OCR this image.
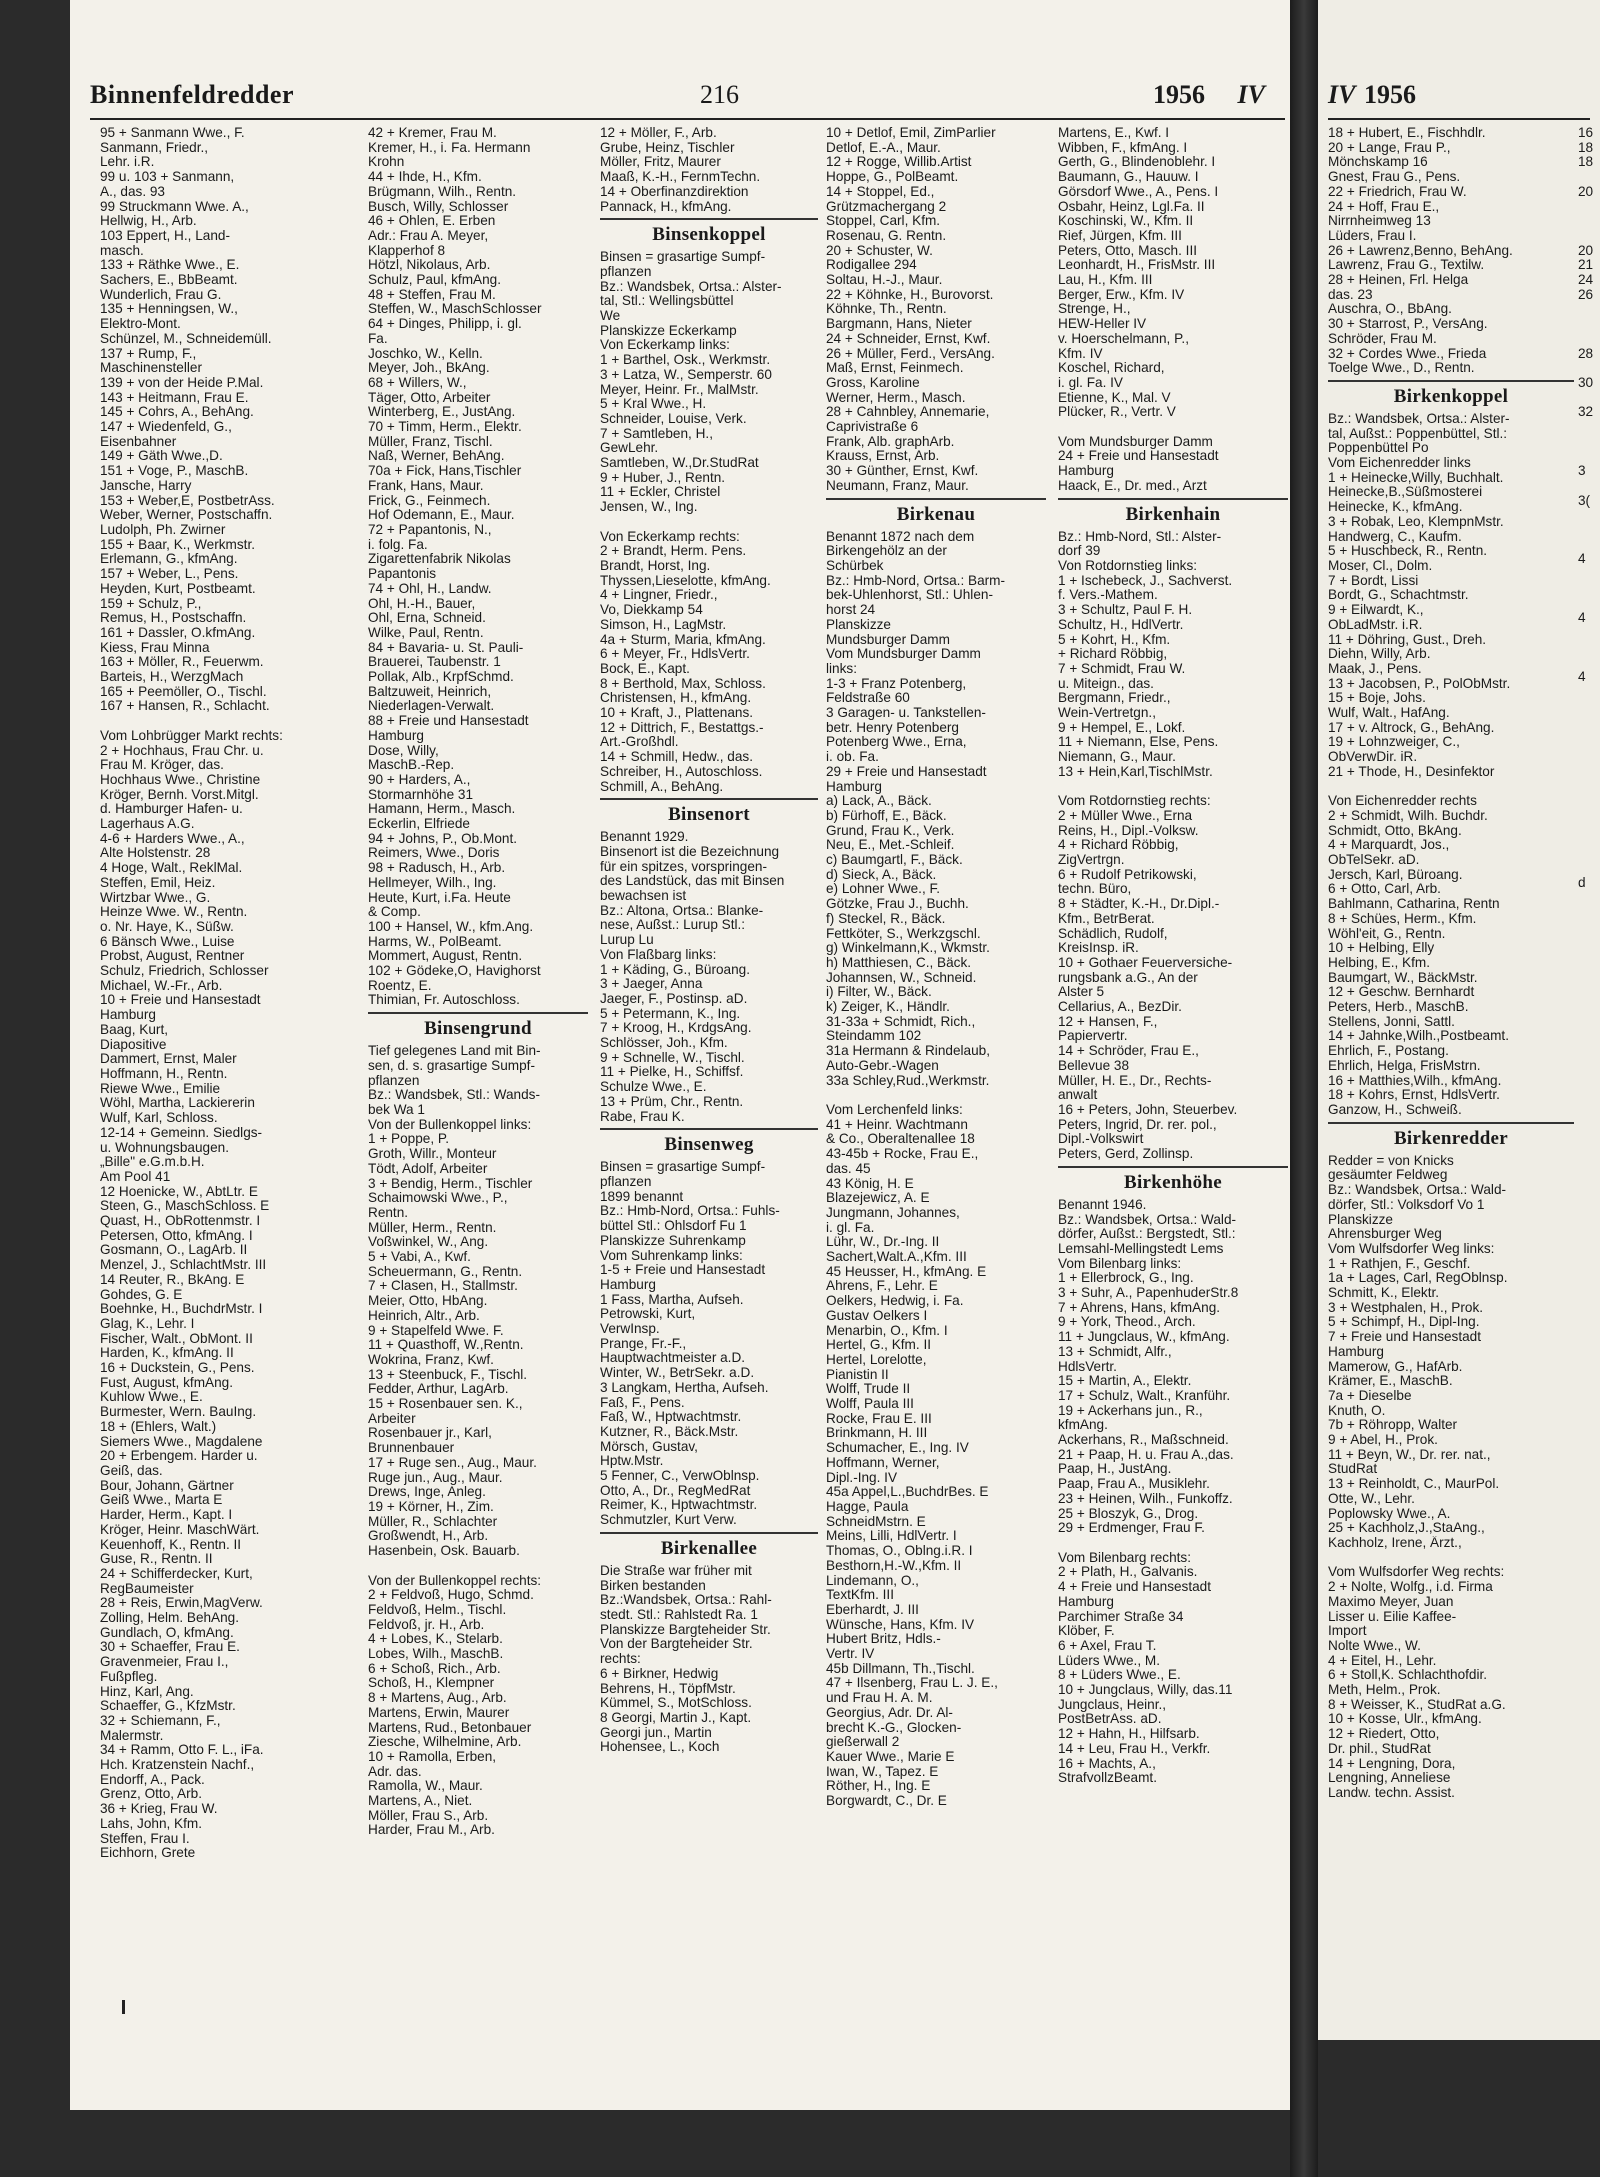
Binnenfeldredder	216	1956 IV IV 1956
95 + Sanmann Wwe., F.
Sanmann, Friedr.,
Lehr. i.R.
99 u. 103 + Sanmann,
A., das. 93
99 Struckmann Wwe. A.,
Hellwig, H., Arb.
103 Eppert, H., Land-
masch.
133 + Räthke Wwe., E.
Sachers, E., BbBeamt.
Wunderlich, Frau G.
135 + Henningsen, W.,
Elektro-Mont.
Schünzel, M., Schneidemüll.
137 + Rump, F.,
Maschinensteller
139 + von der Heide P.Mal.
143 + Heitmann, Frau E.
145 + Cohrs, A., BehAng.
147 + Wiedenfeld, G.,
Eisenbahner
149 + Gäth Wwe.,D.
151 + Voge, P., MaschB.
Jansche, Harry
153 + Weber,E, PostbetrAss.
Weber, Werner, Postschaffn.
Ludolph, Ph. Zwirner
155 + Baar, K., Werkmstr.
Erlemann, G., kfmAng.
157 + Weber, L., Pens.
Heyden, Kurt, Postbeamt.
159 + Schulz, P.,
Remus, H., Postschaffn.
161 + Dassler, O.kfmAng.
Kiess, Frau Minna
163 + Möller, R., Feuerwm.
Barteis, H., WerzgMach
165 + Peemöller, O., Tischl.
167 + Hansen, R., Schlacht.

Vom Lohbrügger Markt rechts:
2 + Hochhaus, Frau Chr. u.
Frau M. Kröger, das.
Hochhaus Wwe., Christine
Kröger, Bernh. Vorst.Mitgl.
d. Hamburger Hafen- u.
Lagerhaus A.G.
4-6 + Harders Wwe., A.,
Alte Holstenstr. 28
4 Hoge, Walt., ReklMal.
Steffen, Emil, Heiz.
Wirtzbar Wwe., G.
Heinze Wwe. W., Rentn.
o. Nr. Haye, K., Süßw.
6 Bänsch Wwe., Luise
Probst, August, Rentner
Schulz, Friedrich, Schlosser
Michael, W.-Fr., Arb.
10 + Freie und Hansestadt
Hamburg
Baag, Kurt,
Diapositive
Dammert, Ernst, Maler
Hoffmann, H., Rentn.
Riewe Wwe., Emilie
Wöhl, Martha, Lackiererin
Wulf, Karl, Schloss.
12-14 + Gemeinn. Siedlgs-
u. Wohnungsbaugen.
„Bille" e.G.m.b.H.
Am Pool 41
12 Hoenicke, W., AbtLtr. E
Steen, G., MaschSchloss. E
Quast, H., ObRottenmstr. I
Petersen, Otto, kfmAng. I
Gosmann, O., LagArb. II
Menzel, J., SchlachtMstr. III
14 Reuter, R., BkAng. E
Gohdes, G. E
Boehnke, H., BuchdrMstr. I
Glag, K., Lehr. I
Fischer, Walt., ObMont. II
Harden, K., kfmAng. II
16 + Duckstein, G., Pens.
Fust, August, kfmAng.
Kuhlow Wwe., E.
Burmester, Wern. BauIng.
18 + (Ehlers, Walt.)
Siemers Wwe., Magdalene
20 + Erbengem. Harder u.
Geiß, das.
Bour, Johann, Gärtner
Geiß Wwe., Marta E
Harder, Herm., Kapt. I
Kröger, Heinr. MaschWärt.
Keuenhoff, K., Rentn. II
Guse, R., Rentn. II
24 + Schifferdecker, Kurt,
RegBaumeister
28 + Reis, Erwin,MagVerw.
Zolling, Helm. BehAng.
Gundlach, O, kfmAng.
30 + Schaeffer, Frau E.
Gravenmeier, Frau I.,
Fußpfleg.
Hinz, Karl, Ang.
Schaeffer, G., KfzMstr.
32 + Schiemann, F.,
Malermstr.
34 + Ramm, Otto F. L., iFa.
Hch. Kratzenstein Nachf.,
Endorff, A., Pack.
Grenz, Otto, Arb.
36 + Krieg, Frau W.
Lahs, John, Kfm.
Steffen, Frau I.
Eichhorn, Grete
42 + Kremer, Frau M.
Kremer, H., i. Fa. Hermann
Krohn
44 + Ihde, H., Kfm.
Brügmann, Wilh., Rentn.
Busch, Willy, Schlosser
46 + Ohlen, E. Erben
Adr.: Frau A. Meyer,
Klapperhof 8
Hötzl, Nikolaus, Arb.
Schulz, Paul, kfmAng.
48 + Steffen, Frau M.
Steffen, W., MaschSchlosser
64 + Dinges, Philipp, i. gl.
Fa.
Joschko, W., Kelln.
Meyer, Joh., BkAng.
68 + Willers, W.,
Täger, Otto, Arbeiter
Winterberg, E., JustAng.
70 + Timm, Herm., Elektr.
Müller, Franz, Tischl.
Naß, Werner, BehAng.
70a + Fick, Hans,Tischler
Frank, Hans, Maur.
Frick, G., Feinmech.
Hof Odemann, E., Maur.
72 + Papantonis, N.,
i. folg. Fa.
Zigarettenfabrik Nikolas
Papantonis
74 + Ohl, H., Landw.
Ohl, H.-H., Bauer,
Ohl, Erna, Schneid.
Wilke, Paul, Rentn.
84 + Bavaria- u. St. Pauli-
Brauerei, Taubenstr. 1
Pollak, Alb., KrpfSchmd.
Baltzuweit, Heinrich,
Niederlagen-Verwalt.
88 + Freie und Hansestadt
Hamburg
Dose, Willy,
MaschB.-Rep.
90 + Harders, A.,
Stormarnhöhe 31
Hamann, Herm., Masch.
Eckerlin, Elfriede
94 + Johns, P., Ob.Mont.
Reimers, Wwe., Doris
98 + Radusch, H., Arb.
Hellmeyer, Wilh., Ing.
Heute, Kurt, i.Fa. Heute
& Comp.
100 + Hansel, W., kfm.Ang.
Harms, W., PolBeamt.
Mommert, August, Rentn.
102 + Gödeke,O, Havighorst
Roentz, E.
Thimian, Fr. Autoschloss.
Binsengrund
Tief gelegenes Land mit Bin-
sen, d. s. grasartige Sumpf-
pflanzen
Bz.: Wandsbek, Stl.: Wands-
bek Wa 1
Von der Bullenkoppel links:
1 + Poppe, P.
Groth, Willr., Monteur
Tödt, Adolf, Arbeiter
3 + Bendig, Herm., Tischler
Schaimowski Wwe., P.,
Rentn.
Müller, Herm., Rentn.
Voßwinkel, W., Ang.
5 + Vabi, A., Kwf.
Scheuermann, G., Rentn.
7 + Clasen, H., Stallmstr.
Meier, Otto, HbAng.
Heinrich, Altr., Arb.
9 + Stapelfeld Wwe. F.
11 + Quasthoff, W.,Rentn.
Wokrina, Franz, Kwf.
13 + Steenbuck, F., Tischl.
Fedder, Arthur, LagArb.
15 + Rosenbauer sen. K.,
Arbeiter
Rosenbauer jr., Karl,
Brunnenbauer
17 + Ruge sen., Aug., Maur.
Ruge jun., Aug., Maur.
Drews, Inge, Anleg.
19 + Körner, H., Zim.
Müller, R., Schlachter
Großwendt, H., Arb.
Hasenbein, Osk. Bauarb.

Von der Bullenkoppel rechts:
2 + Feldvoß, Hugo, Schmd.
Feldvoß, Helm., Tischl.
Feldvoß, jr. H., Arb.
4 + Lobes, K., Stelarb.
Lobes, Wilh., MaschB.
6 + Schoß, Rich., Arb.
Schoß, H., Klempner
8 + Martens, Aug., Arb.
Martens, Erwin, Maurer
Martens, Rud., Betonbauer
Ziesche, Wilhelmine, Arb.
10 + Ramolla, Erben,
Adr. das.
Ramolla, W., Maur.
Martens, A., Niet.
Möller, Frau S., Arb.
Harder, Frau M., Arb.
12 + Möller, F., Arb.
Grube, Heinz, Tischler
Möller, Fritz, Maurer
Maaß, K.-H., FernmTechn.
14 + Oberfinanzdirektion
Pannack, H., kfmAng.
Binsenkoppel
Binsen = grasartige Sumpf-
pflanzen
Bz.: Wandsbek, Ortsa.: Alster-
tal, Stl.: Wellingsbüttel
We
Planskizze Eckerkamp
Von Eckerkamp links:
1 + Barthel, Osk., Werkmstr.
3 + Latza, W., Semperstr. 60
Meyer, Heinr. Fr., MalMstr.
5 + Kral Wwe., H.
Schneider, Louise, Verk.
7 + Samtleben, H.,
GewLehr.
Samtleben, W.,Dr.StudRat
9 + Huber, J., Rentn.
11 + Eckler, Christel
Jensen, W., Ing.

Von Eckerkamp rechts:
2 + Brandt, Herm. Pens.
Brandt, Horst, Ing.
Thyssen,Lieselotte, kfmAng.
4 + Lingner, Friedr.,
Vo, Diekkamp 54
Simson, H., LagMstr.
4a + Sturm, Maria, kfmAng.
6 + Meyer, Fr., HdlsVertr.
Bock, E., Kapt.
8 + Berthold, Max, Schloss.
Christensen, H., kfmAng.
10 + Kraft, J., Plattenans.
12 + Dittrich, F., Bestattgs.-
Art.-Großhdl.
14 + Schmill, Hedw., das.
Schreiber, H., Autoschloss.
Schmill, A., BehAng.
Binsenort
Benannt 1929.
Binsenort ist die Bezeichnung
für ein spitzes, vorspringen-
des Landstück, das mit Binsen
bewachsen ist
Bz.: Altona, Ortsa.: Blanke-
nese, Außst.: Lurup Stl.:
Lurup Lu
Von Flaßbarg links:
1 + Käding, G., Büroang.
3 + Jaeger, Anna
Jaeger, F., Postinsp. aD.
5 + Petermann, K., Ing.
7 + Kroog, H., KrdgsAng.
Schlösser, Joh., Kfm.
9 + Schnelle, W., Tischl.
11 + Pielke, H., Schiffsf.
Schulze Wwe., E.
13 + Prüm, Chr., Rentn.
Rabe, Frau K.
Binsenweg
Binsen = grasartige Sumpf-
pflanzen
1899 benannt
Bz.: Hmb-Nord, Ortsa.: Fuhls-
büttel Stl.: Ohlsdorf Fu 1
Planskizze Suhrenkamp
Vom Suhrenkamp links:
1-5 + Freie und Hansestadt
Hamburg
1 Fass, Martha, Aufseh.
Petrowski, Kurt,
VerwInsp.
Prange, Fr.-F.,
Hauptwachtmeister a.D.
Winter, W., BetrSekr. a.D.
3 Langkam, Hertha, Aufseh.
Faß, F., Pens.
Faß, W., Hptwachtmstr.
Kutzner, R., Bäck.Mstr.
Mörsch, Gustav,
Hptw.Mstr.
5 Fenner, C., VerwOblnsp.
Otto, A., Dr., RegMedRat
Reimer, K., Hptwachtmstr.
Schmutzler, Kurt Verw.
Birkenallee
Die Straße war früher mit
Birken bestanden
Bz.:Wandsbek, Ortsa.: Rahl-
stedt. Stl.: Rahlstedt Ra. 1
Planskizze Bargteheider Str.
Von der Bargteheider Str.
rechts:
6 + Birkner, Hedwig
Behrens, H., TöpfMstr.
Kümmel, S., MotSchloss.
8 Georgi, Martin J., Kapt.
Georgi jun., Martin
Hohensee, L., Koch
10 + Detlof, Emil, ZimParlier
Detlof, E.-A., Maur.
12 + Rogge, Willib.Artist
Hoppe, G., PolBeamt.
14 + Stoppel, Ed.,
Grützmachergang 2
Stoppel, Carl, Kfm.
Rosenau, G. Rentn.
20 + Schuster, W.
Rodigallee 294
Soltau, H.-J., Maur.
22 + Köhnke, H., Burovorst.
Köhnke, Th., Rentn.
Bargmann, Hans, Nieter
24 + Schneider, Ernst, Kwf.
26 + Müller, Ferd., VersAng.
Maß, Ernst, Feinmech.
Gross, Karoline
Werner, Herm., Masch.
28 + Cahnbley, Annemarie,
Caprivistraße 6
Frank, Alb. graphArb.
Krauss, Ernst, Arb.
30 + Günther, Ernst, Kwf.
Neumann, Franz, Maur.
Birkenau
Benannt 1872 nach dem
Birkengehölz an der
Schürbek
Bz.: Hmb-Nord, Ortsa.: Barm-
bek-Uhlenhorst, Stl.: Uhlen-
horst 24
Planskizze
Mundsburger Damm
Vom Mundsburger Damm
links:
1-3 + Franz Potenberg,
Feldstraße 60
3 Garagen- u. Tankstellen-
betr. Henry Potenberg
Potenberg Wwe., Erna,
i. ob. Fa.
29 + Freie und Hansestadt
Hamburg
a) Lack, A., Bäck.
b) Fürhoff, E., Bäck.
Grund, Frau K., Verk.
Neu, E., Met.-Schleif.
c) Baumgartl, F., Bäck.
d) Sieck, A., Bäck.
e) Lohner Wwe., F.
Götzke, Frau J., Buchh.
f) Steckel, R., Bäck.
Fettköter, S., Werkzgschl.
g) Winkelmann,K., Wkmstr.
h) Matthiesen, C., Bäck.
Johannsen, W., Schneid.
i) Filter, W., Bäck.
k) Zeiger, K., Händlr.
31-33a + Schmidt, Rich.,
Steindamm 102
31a Hermann & Rindelaub,
Auto-Gebr.-Wagen
33a Schley,Rud.,Werkmstr.

Vom Lerchenfeld links:
41 + Heinr. Wachtmann
& Co., Oberaltenallee 18
43-45b + Rocke, Frau E.,
das. 45
43 König, H. E
Blazejewicz, A. E
Jungmann, Johannes,
i. gl. Fa.
Lühr, W., Dr.-Ing. II
Sachert,Walt.A.,Kfm. III
45 Heusser, H., kfmAng. E
Ahrens, F., Lehr. E
Oelkers, Hedwig, i. Fa.
Gustav Oelkers I
Menarbin, O., Kfm. I
Hertel, G., Kfm. II
Hertel, Lorelotte,
Pianistin II
Wolff, Trude II
Wolff, Paula III
Rocke, Frau E. III
Brinkmann, H. III
Schumacher, E., Ing. IV
Hoffmann, Werner,
Dipl.-Ing. IV
45a Appel,L.,BuchdrBes. E
Hagge, Paula
SchneidMstrn. E
Meins, Lilli, HdlVertr. I
Thomas, O., Oblng.i.R. I
Besthorn,H.-W.,Kfm. II
Lindemann, O.,
TextKfm. III
Eberhardt, J. III
Wünsche, Hans, Kfm. IV
Hubert Britz, Hdls.-
Vertr. IV
45b Dillmann, Th.,Tischl.
47 + Ilsenberg, Frau L. J. E.,
und Frau H. A. M.
Georgius, Adr. Dr. Al-
brecht K.-G., Glocken-
gießerwall 2
Kauer Wwe., Marie E
Iwan, W., Tapez. E
Röther, H., Ing. E
Borgwardt, C., Dr. E
Martens, E., Kwf. I
Wibben, F., kfmAng. I
Gerth, G., Blindenoblehr. I
Baumann, G., Hauuw. I
Görsdorf Wwe., A., Pens. I
Osbahr, Heinz, Lgl.Fa. II
Koschinski, W., Kfm. II
Rief, Jürgen, Kfm. III
Peters, Otto, Masch. III
Leonhardt, H., FrisMstr. III
Lau, H., Kfm. III
Berger, Erw., Kfm. IV
Strenge, H.,
HEW-Heller IV
v. Hoerschelmann, P.,
Kfm. IV
Koschel, Richard,
i. gl. Fa. IV
Etienne, K., Mal. V
Plücker, R., Vertr. V

Vom Mundsburger Damm
24 + Freie und Hansestadt
Hamburg
Haack, E., Dr. med., Arzt
Birkenhain
Bz.: Hmb-Nord, Stl.: Alster-
dorf 39
Von Rotdornstieg links:
1 + Ischebeck, J., Sachverst.
f. Vers.-Mathem.
3 + Schultz, Paul F. H.
Schultz, H., HdlVertr.
5 + Kohrt, H., Kfm.
+ Richard Röbbig,
7 + Schmidt, Frau W.
u. Miteign., das.
Bergmann, Friedr.,
Wein-Vertretgn.,
9 + Hempel, E., Lokf.
11 + Niemann, Else, Pens.
Niemann, G., Maur.
13 + Hein,Karl,TischlMstr.

Vom Rotdornstieg rechts:
2 + Müller Wwe., Erna
Reins, H., Dipl.-Volksw.
4 + Richard Röbbig,
ZigVertrgn.
6 + Rudolf Petrikowski,
techn. Büro,
8 + Städter, K.-H., Dr.Dipl.-
Kfm., BetrBerat.
Schädlich, Rudolf,
KreisInsp. iR.
10 + Gothaer Feuerversiche-
rungsbank a.G., An der
Alster 5
Cellarius, A., BezDir.
12 + Hansen, F.,
Papiervertr.
14 + Schröder, Frau E.,
Bellevue 38
Müller, H. E., Dr., Rechts-
anwalt
16 + Peters, John, Steuerbev.
Peters, Ingrid, Dr. rer. pol.,
Dipl.-Volkswirt
Peters, Gerd, Zollinsp.
Birkenhöhe
Benannt 1946.
Bz.: Wandsbek, Ortsa.: Wald-
dörfer, Außst.: Bergstedt, Stl.:
Lemsahl-Mellingstedt Lems
Vom Bilenbarg links:
1 + Ellerbrock, G., Ing.
3 + Suhr, A., PapenhuderStr.8
7 + Ahrens, Hans, kfmAng.
9 + York, Theod., Arch.
11 + Jungclaus, W., kfmAng.
13 + Schmidt, Alfr.,
HdlsVertr.
15 + Martin, A., Elektr.
17 + Schulz, Walt., Kranführ.
19 + Ackerhans jun., R.,
kfmAng.
Ackerhans, R., Maßschneid.
21 + Paap, H. u. Frau A.,das.
Paap, H., JustAng.
Paap, Frau A., Musiklehr.
23 + Heinen, Wilh., Funkoffz.
25 + Bloszyk, G., Drog.
29 + Erdmenger, Frau F.

Vom Bilenbarg rechts:
2 + Plath, H., Galvanis.
4 + Freie und Hansestadt
Hamburg
Parchimer Straße 34
Klöber, F.
6 + Axel, Frau T.
Lüders Wwe., M.
8 + Lüders Wwe., E.
10 + Jungclaus, Willy, das.11
Jungclaus, Heinr.,
PostBetrAss. aD.
12 + Hahn, H., Hilfsarb.
14 + Leu, Frau H., Verkfr.
16 + Machts, A.,
StrafvollzBeamt.
18 + Hubert, E., Fischhdlr.
20 + Lange, Frau P.,
Mönchskamp 16
Gnest, Frau G., Pens.
22 + Friedrich, Frau W.
24 + Hoff, Frau E.,
Nirrnheimweg 13
Lüders, Frau I.
26 + Lawrenz,Benno, BehAng.
Lawrenz, Frau G., Textilw.
28 + Heinen, Frl. Helga
das. 23
Auschra, O., BbAng.
30 + Starrost, P., VersAng.
Schröder, Frau M.
32 + Cordes Wwe., Frieda
Toelge Wwe., D., Rentn.
Birkenkoppel
Bz.: Wandsbek, Ortsa.: Alster-
tal, Außst.: Poppenbüttel, Stl.:
Poppenbüttel Po
Vom Eichenredder links
1 + Heinecke,Willy, Buchhalt.
Heinecke,B.,Süßmosterei
Heinecke, K., kfmAng.
3 + Robak, Leo, KlempnMstr.
Handwerg, C., Kaufm.
5 + Huschbeck, R., Rentn.
Moser, Cl., Dolm.
7 + Bordt, Lissi
Bordt, G., Schachtmstr.
9 + Eilwardt, K.,
ObLadMstr. i.R.
11 + Döhring, Gust., Dreh.
Diehn, Willy, Arb.
Maak, J., Pens.
13 + Jacobsen, P., PolObMstr.
15 + Boje, Johs.
Wulf, Walt., HafAng.
17 + v. Altrock, G., BehAng.
19 + Lohnzweiger, C.,
ObVerwDir. iR.
21 + Thode, H., Desinfektor

Von Eichenredder rechts
2 + Schmidt, Wilh. Buchdr.
Schmidt, Otto, BkAng.
4 + Marquardt, Jos.,
ObTelSekr. aD.
Jersch, Karl, Büroang.
6 + Otto, Carl, Arb.
Bahlmann, Catharina, Rentn
8 + Schües, Herm., Kfm.
Wöhl'eit, G., Rentn.
10 + Helbing, Elly
Helbing, E., Kfm.
Baumgart, W., BäckMstr.
12 + Geschw. Bernhardt
Peters, Herb., MaschB.
Stellens, Jonni, Sattl.
14 + Jahnke,Wilh.,Postbeamt.
Ehrlich, F., Postang.
Ehrlich, Helga, FrisMstrn.
16 + Matthies,Wilh., kfmAng.
18 + Kohrs, Ernst, HdlsVertr.
Ganzow, H., Schweiß.
Birkenredder
Redder = von Knicks
gesäumter Feldweg
Bz.: Wandsbek, Ortsa.: Wald-
dörfer, Stl.: Volksdorf Vo 1
Planskizze
Ahrensburger Weg
Vom Wulfsdorfer Weg links:
1 + Rathjen, F., Geschf.
1a + Lages, Carl, RegOblnsp.
Schmitt, K., Elektr.
3 + Westphalen, H., Prok.
5 + Schimpf, H., Dipl-Ing.
7 + Freie und Hansestadt
Hamburg
Mamerow, G., HafArb.
Krämer, E., MaschB.
7a + Dieselbe
Knuth, O.
7b + Röhropp, Walter
9 + Abel, H., Prok.
11 + Beyn, W., Dr. rer. nat.,
StudRat
13 + Reinholdt, C., MaurPol.
Otte, W., Lehr.
Poplowsky Wwe., A.
25 + Kachholz,J.,StaAng.,
Kachholz, Irene, Ärzt.,

Vom Wulfsdorfer Weg rechts:
2 + Nolte, Wolfg., i.d. Firma
Maximo Meyer, Juan
Lisser u. Eilie Kaffee-
Import
Nolte Wwe., W.
4 + Eitel, H., Lehr.
6 + Stoll,K. Schlachthofdir.
Meth, Helm., Prok.
8 + Weisser, K., StudRat a.G.
10 + Kosse, Ulr., kfmAng.
12 + Riedert, Otto,
Dr. phil., StudRat
14 + Lengning, Dora,
Lengning, Anneliese
Landw. techn. Assist.
16
18
18

20

20
21
24
26

28

30

32

3

3(

4

4

4

d
